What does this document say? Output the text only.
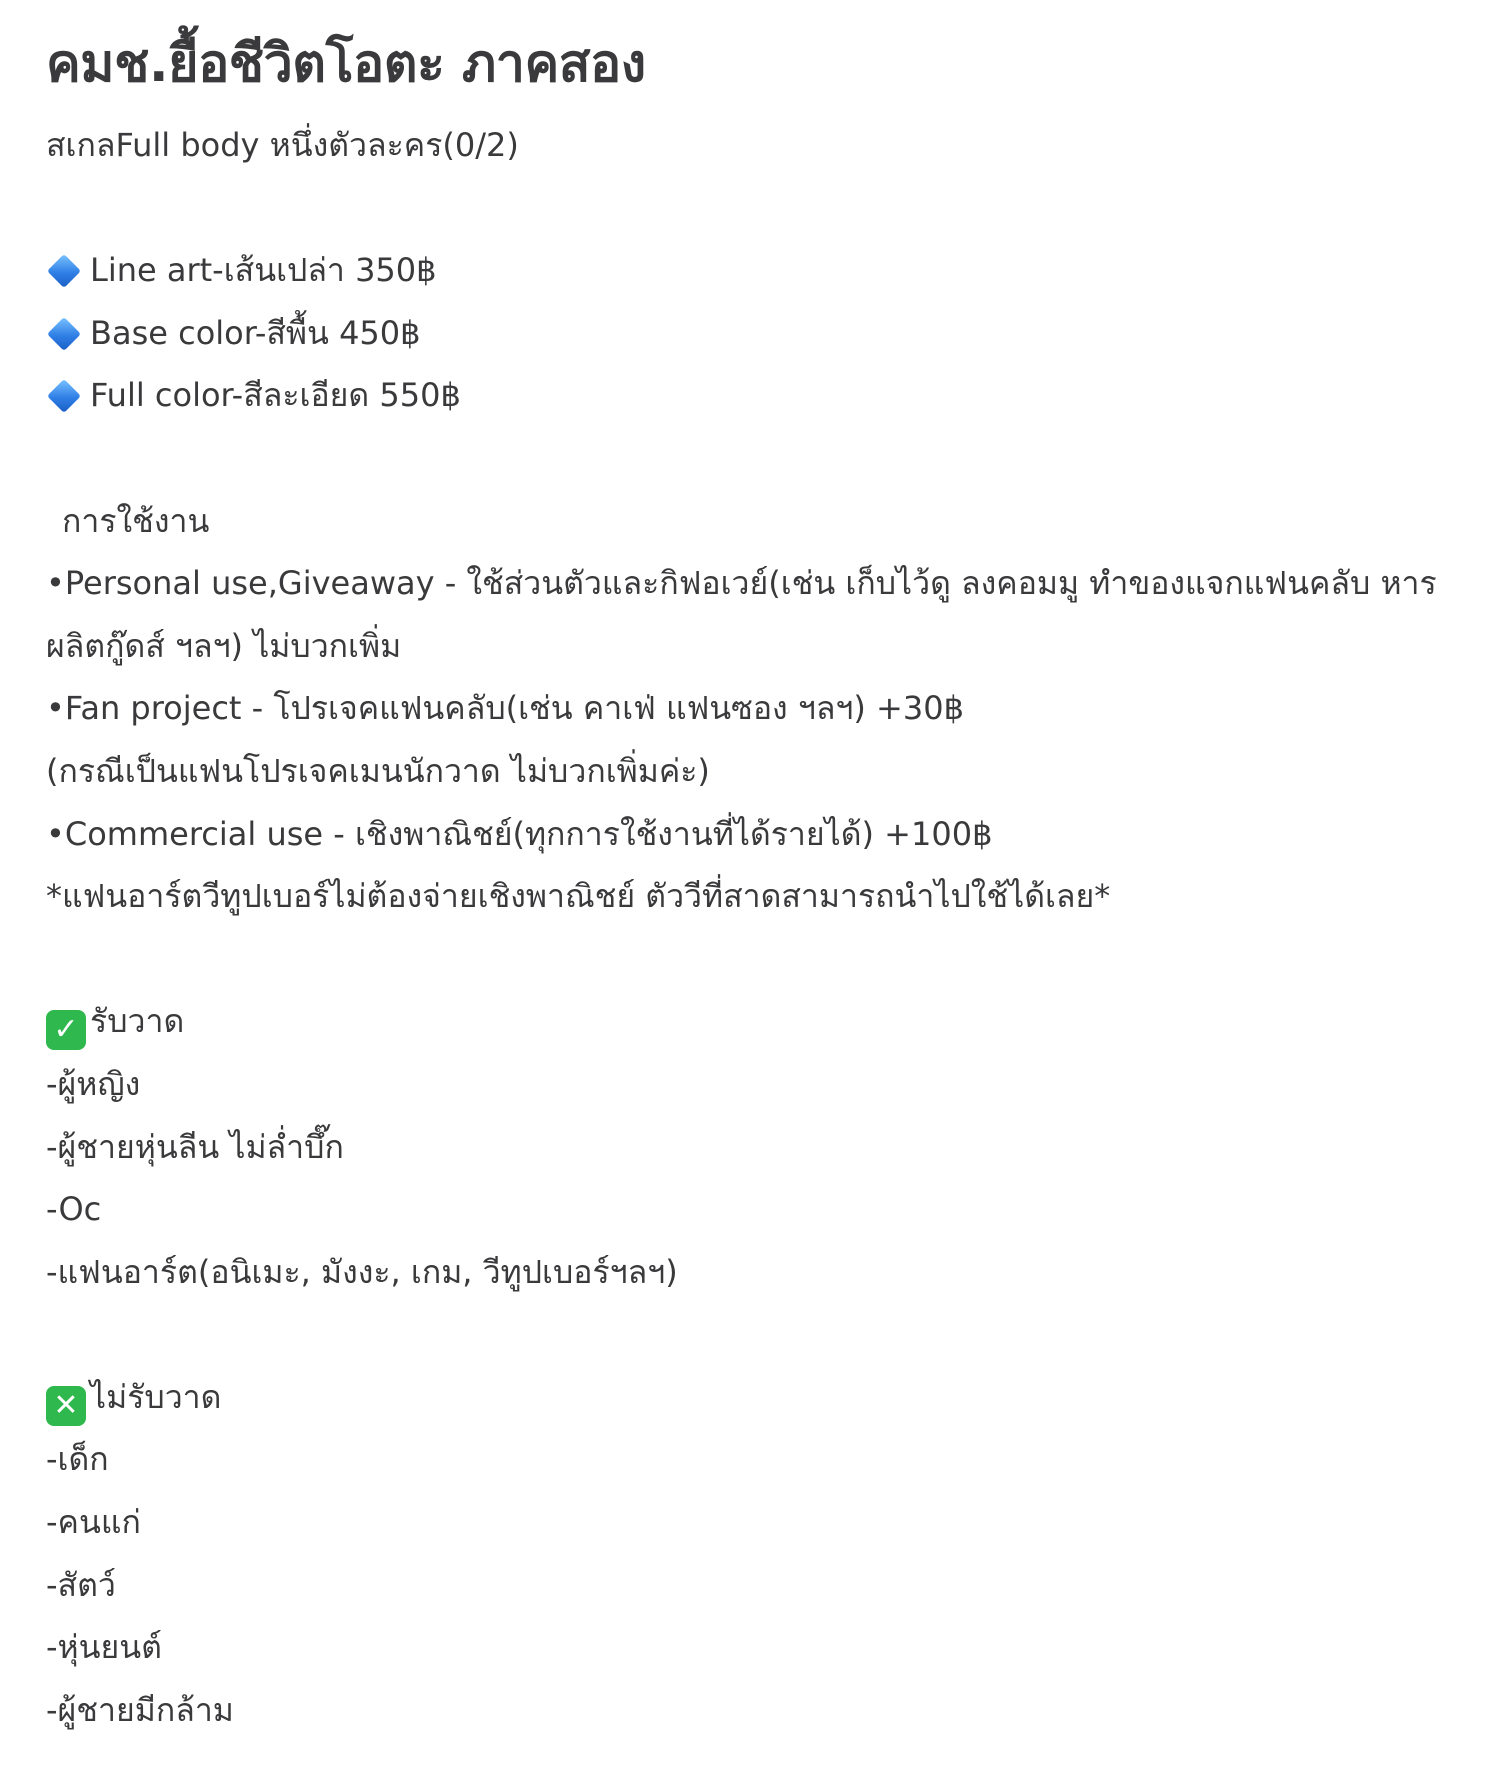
คมช.ยื้อชีวิตโอตะ ภาคสอง
สเกลFull body หนึ่งตัวละคร(0/2)
Line art-เส้นเปล่า 350฿
Base color-สีพื้น 450฿
Full color-สีละเอียด 550฿
การใช้งาน
•Personal use,Giveaway - ใช้ส่วนตัวและกิฟอเวย์(เช่น เก็บไว้ดู ลงคอมมู ทำของแจกแฟนคลับ หาร
ผลิตกู๊ดส์ ฯลฯ) ไม่บวกเพิ่ม
•Fan project - โปรเจคแฟนคลับ(เช่น คาเฟ่ แฟนซอง ฯลฯ) +30฿
(กรณีเป็นแฟนโปรเจคเมนนักวาด ไม่บวกเพิ่มค่ะ)
•Commercial use - เชิงพาณิชย์(ทุกการใช้งานที่ได้รายได้) +100฿
*แฟนอาร์ตวีทูปเบอร์ไม่ต้องจ่ายเชิงพาณิชย์ ตัววีที่สาดสามารถนำไปใช้ได้เลย*
✓ รับวาด
-ผู้หญิง
-ผู้ชายหุ่นลีน ไม่ล่ำบึ๊ก
-Oc
-แฟนอาร์ต(อนิเมะ, มังงะ, เกม, วีทูปเบอร์ฯลฯ)
✕ ไม่รับวาด
-เด็ก
-คนแก่
-สัตว์
-หุ่นยนต์
-ผู้ชายมีกล้าม
